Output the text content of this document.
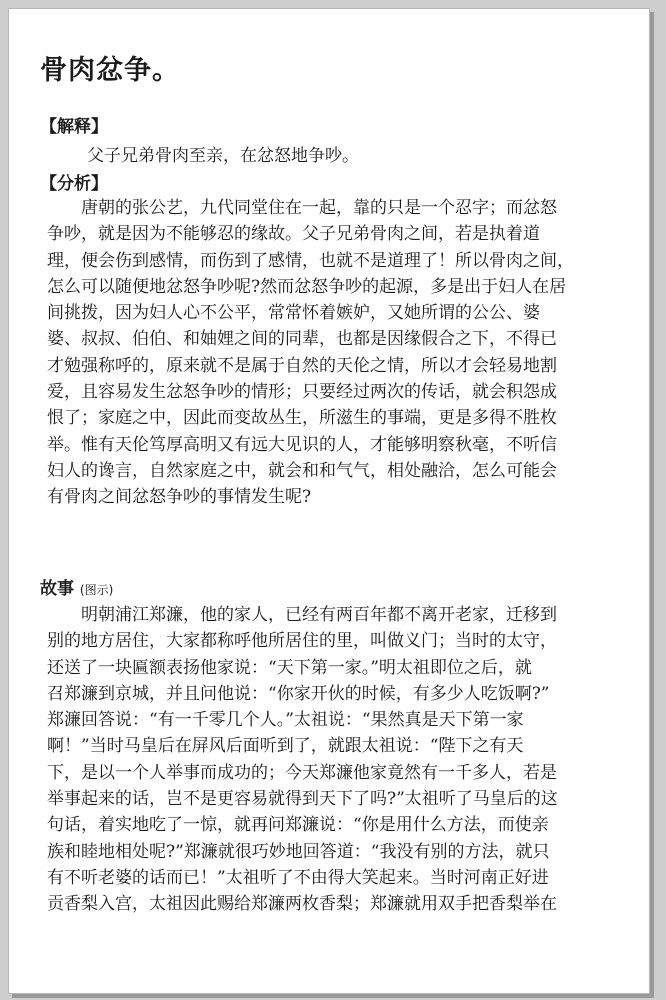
骨肉忿争。
【解释】
父子兄弟骨肉至亲，在忿怒地争吵。
【分析】
唐朝的张公艺，九代同堂住在一起，靠的只是一个忍字；而忿怒
争吵，就是因为不能够忍的缘故。父子兄弟骨肉之间，若是执着道
理，便会伤到感情，而伤到了感情，也就不是道理了！所以骨肉之间，
怎么可以随便地忿怒争吵呢?然而忿怒争吵的起源，多是出于妇人在居
间挑拨，因为妇人心不公平，常常怀着嫉妒，又她所谓的公公、婆
婆、叔叔、伯伯、和妯娌之间的同辈，也都是因缘假合之下，不得已
才勉强称呼的，原来就不是属于自然的天伦之情，所以才会轻易地割
爱，且容易发生忿怒争吵的情形；只要经过两次的传话，就会积怨成
恨了；家庭之中，因此而变故丛生，所滋生的事端，更是多得不胜枚
举。惟有天伦笃厚高明又有远大见识的人，才能够明察秋毫，不听信
妇人的谗言，自然家庭之中，就会和和气气，相处融洽，怎么可能会
有骨肉之间忿怒争吵的事情发生呢?
故事 (图示)
明朝浦江郑濂，他的家人，已经有两百年都不离开老家，迁移到
别的地方居住，大家都称呼他所居住的里，叫做义门；当时的太守，
还送了一块匾额表扬他家说：“天下第一家。”明太祖即位之后，就
召郑濂到京城，并且问他说：“你家开伙的时候，有多少人吃饭啊?”
郑濂回答说：“有一千零几个人。”太祖说：“果然真是天下第一家
啊！”当时马皇后在屏风后面听到了，就跟太祖说：“陛下之有天
下，是以一个人举事而成功的；今天郑濂他家竟然有一千多人，若是
举事起来的话，岂不是更容易就得到天下了吗?”太祖听了马皇后的这
句话，着实地吃了一惊，就再问郑濂说：“你是用什么方法，而使亲
族和睦地相处呢?”郑濂就很巧妙地回答道：“我没有别的方法，就只
有不听老婆的话而已！”太祖听了不由得大笑起来。当时河南正好进
贡香梨入宫，太祖因此赐给郑濂两枚香梨；郑濂就用双手把香梨举在
